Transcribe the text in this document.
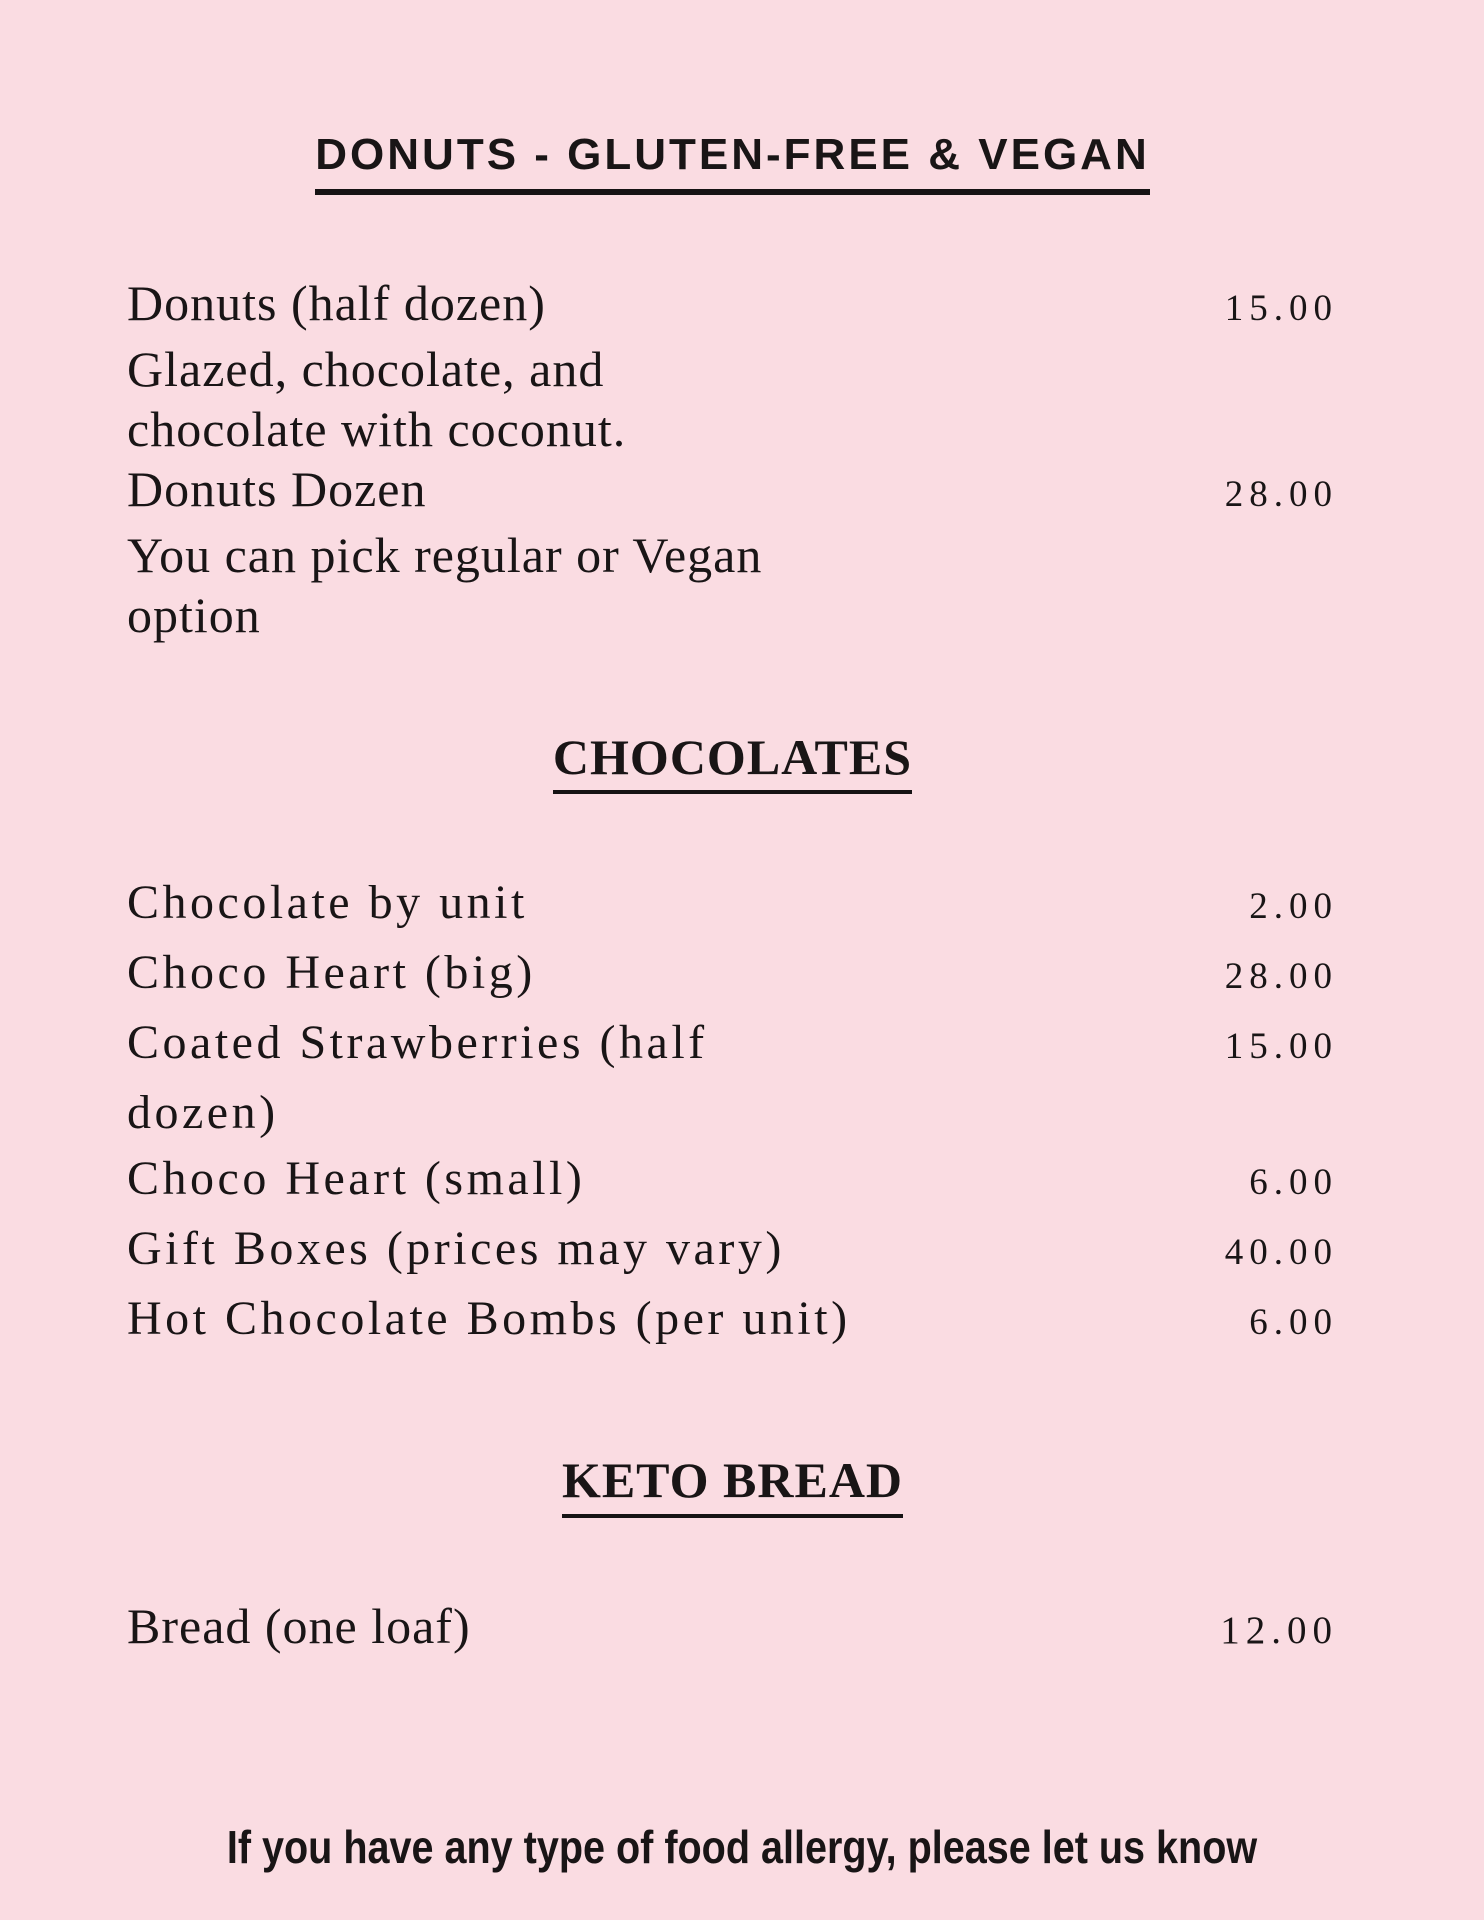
DONUTS - GLUTEN-FREE & VEGAN
Donuts (half dozen)	15.00
Glazed, chocolate, and
chocolate with coconut.
Donuts Dozen	28.00
You can pick regular or Vegan
option
CHOCOLATES
Chocolate by unit	2.00
Choco Heart (big)	28.00
Coated Strawberries (half	15.00
dozen)
Choco Heart (small)	6.00
Gift Boxes (prices may vary)	40.00
Hot Chocolate Bombs (per unit)	6.00
KETO BREAD
Bread (one loaf)	12.00
If you have any type of food allergy, please let us know
